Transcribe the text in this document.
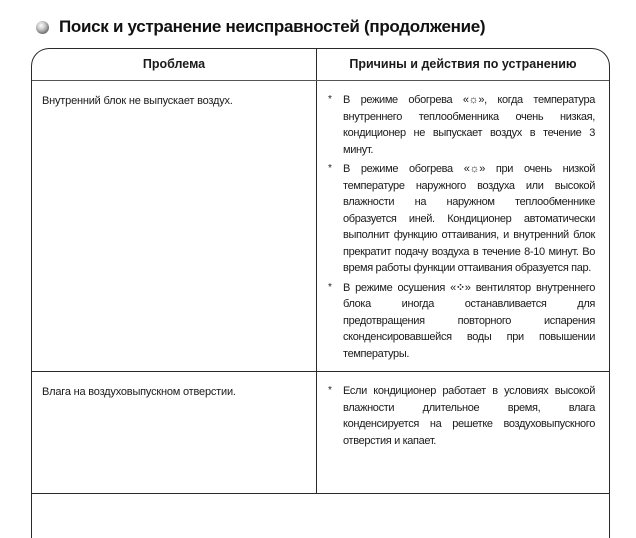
Поиск и устранение неисправностей (продолжение)
Проблема	Причины и действия по устранению
Внутренний блок не выпускает воздух.	* В режиме обогрева «☼», когда температура внутреннего теплообменника очень низкая, кондиционер не выпускает воздух в течение 3 минут.
* В режиме обогрева «☼» при очень низкой температуре наружного воздуха или высокой влажности на наружном теплообменнике образуется иней. Кондиционер автоматически выполнит функцию оттаивания, и внутренний блок прекратит подачу воздуха в течение 8-10 минут. Во время работы функции оттаивания образуется пар.
* В режиме осушения «⁘» вентилятор внутреннего блока иногда останавливается для предотвращения повторного испарения сконденсировавшейся воды при повышении температуры.
Влага на воздуховыпускном отверстии.	* Если кондиционер работает в условиях высокой влажности длительное время, влага конденсируется на решетке воздуховыпускного отверстия и капает.
